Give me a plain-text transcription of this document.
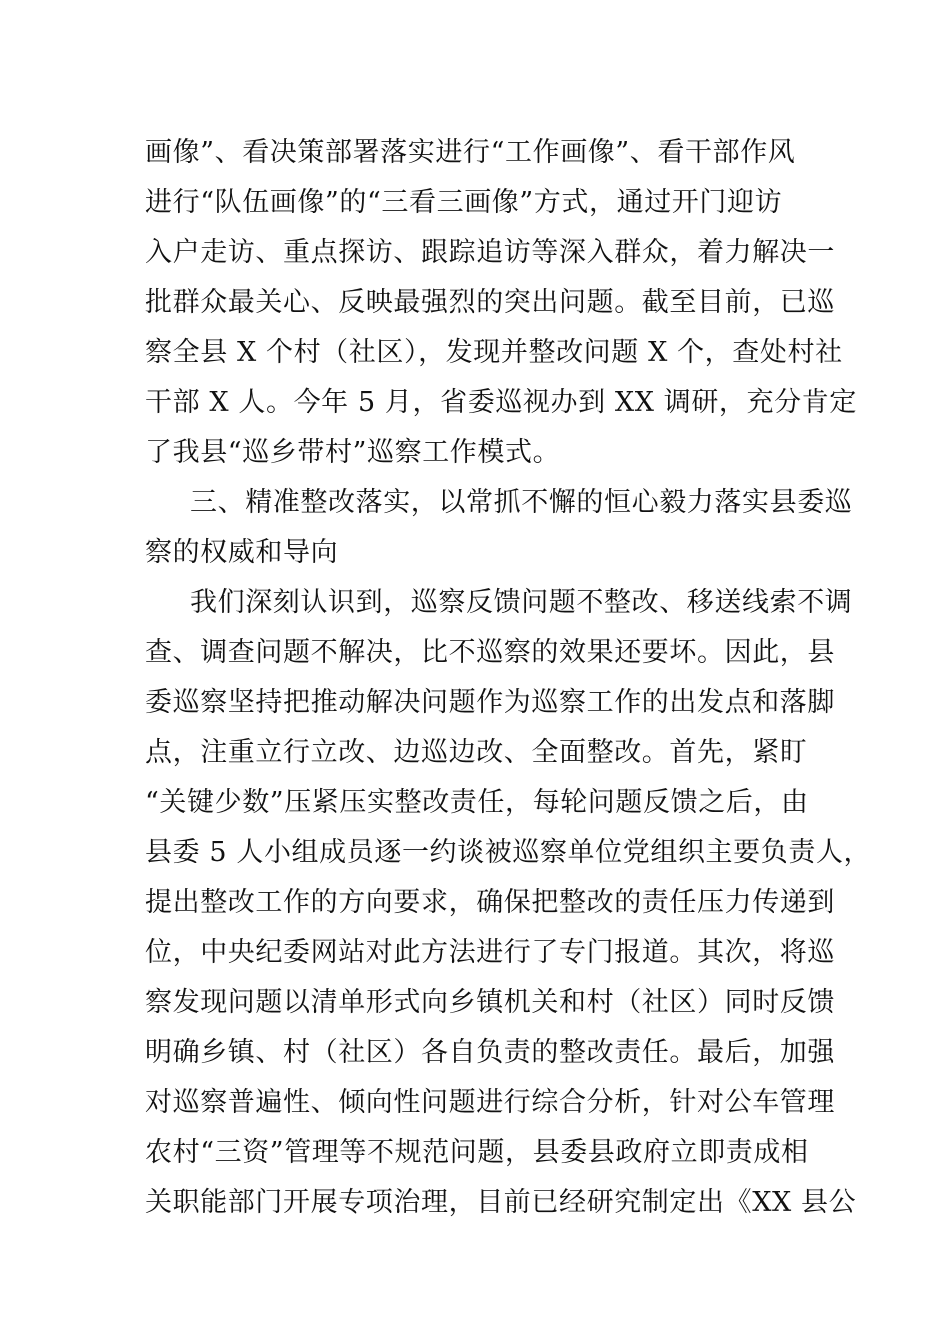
画像”、看决策部署落实进行“工作画像”、看干部作风
进行“队伍画像”的“三看三画像”方式，通过开门迎访
入户走访、重点探访、跟踪追访等深入群众，着力解决一
批群众最关心、反映最强烈的突出问题。截至目前，已巡
察全县 X 个村（社区），发现并整改问题 X 个，查处村社
干部 X 人。今年 5 月，省委巡视办到 XX 调研，充分肯定
了我县“巡乡带村”巡察工作模式。
三、精准整改落实，以常抓不懈的恒心毅力落实县委巡
察的权威和导向
我们深刻认识到，巡察反馈问题不整改、移送线索不调
查、调查问题不解决，比不巡察的效果还要坏。因此，县
委巡察坚持把推动解决问题作为巡察工作的出发点和落脚
点，注重立行立改、边巡边改、全面整改。首先，紧盯
“关键少数”压紧压实整改责任，每轮问题反馈之后，由
县委 5 人小组成员逐一约谈被巡察单位党组织主要负责人，
提出整改工作的方向要求，确保把整改的责任压力传递到
位，中央纪委网站对此方法进行了专门报道。其次，将巡
察发现问题以清单形式向乡镇机关和村（社区）同时反馈
明确乡镇、村（社区）各自负责的整改责任。最后，加强
对巡察普遍性、倾向性问题进行综合分析，针对公车管理
农村“三资”管理等不规范问题，县委县政府立即责成相
关职能部门开展专项治理，目前已经研究制定出《XX 县公
